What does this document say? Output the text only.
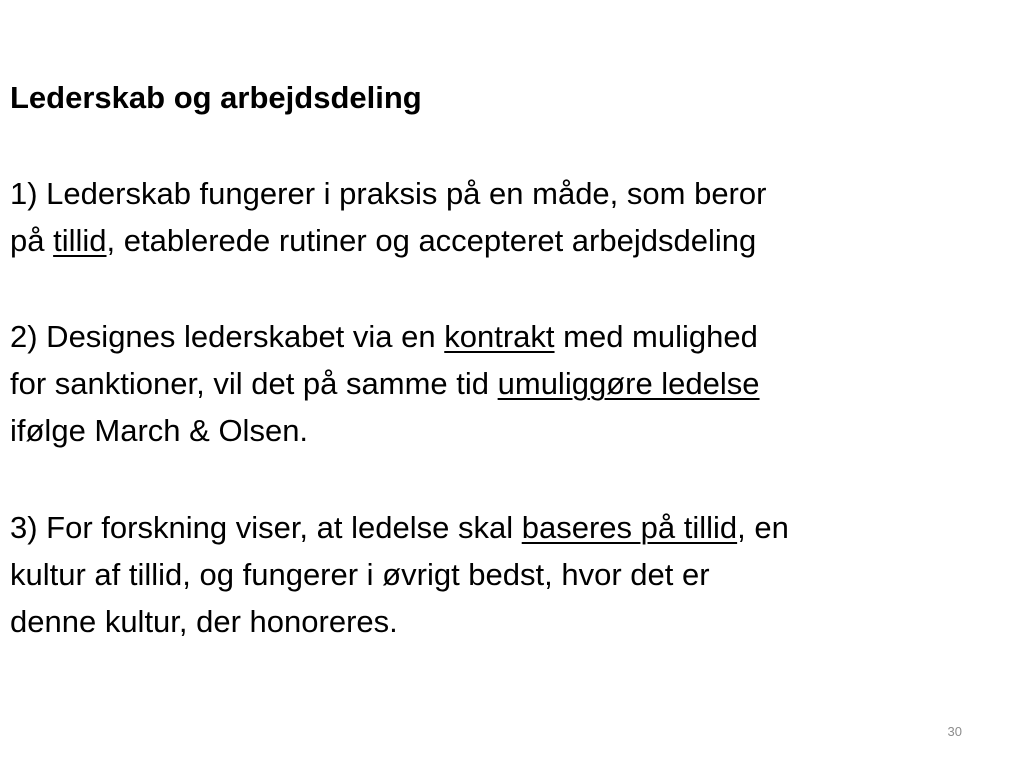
Lederskab og arbejdsdeling

1) Lederskab fungerer i praksis på en måde, som beror
på tillid, etablerede rutiner og accepteret arbejdsdeling

2) Designes lederskabet via en kontrakt med mulighed
for sanktioner, vil det på samme tid umuliggøre ledelse
ifølge March & Olsen.

3) For forskning viser, at ledelse skal baseres på tillid, en
kultur af tillid, og fungerer i øvrigt bedst, hvor det er
denne kultur, der honoreres.

30
